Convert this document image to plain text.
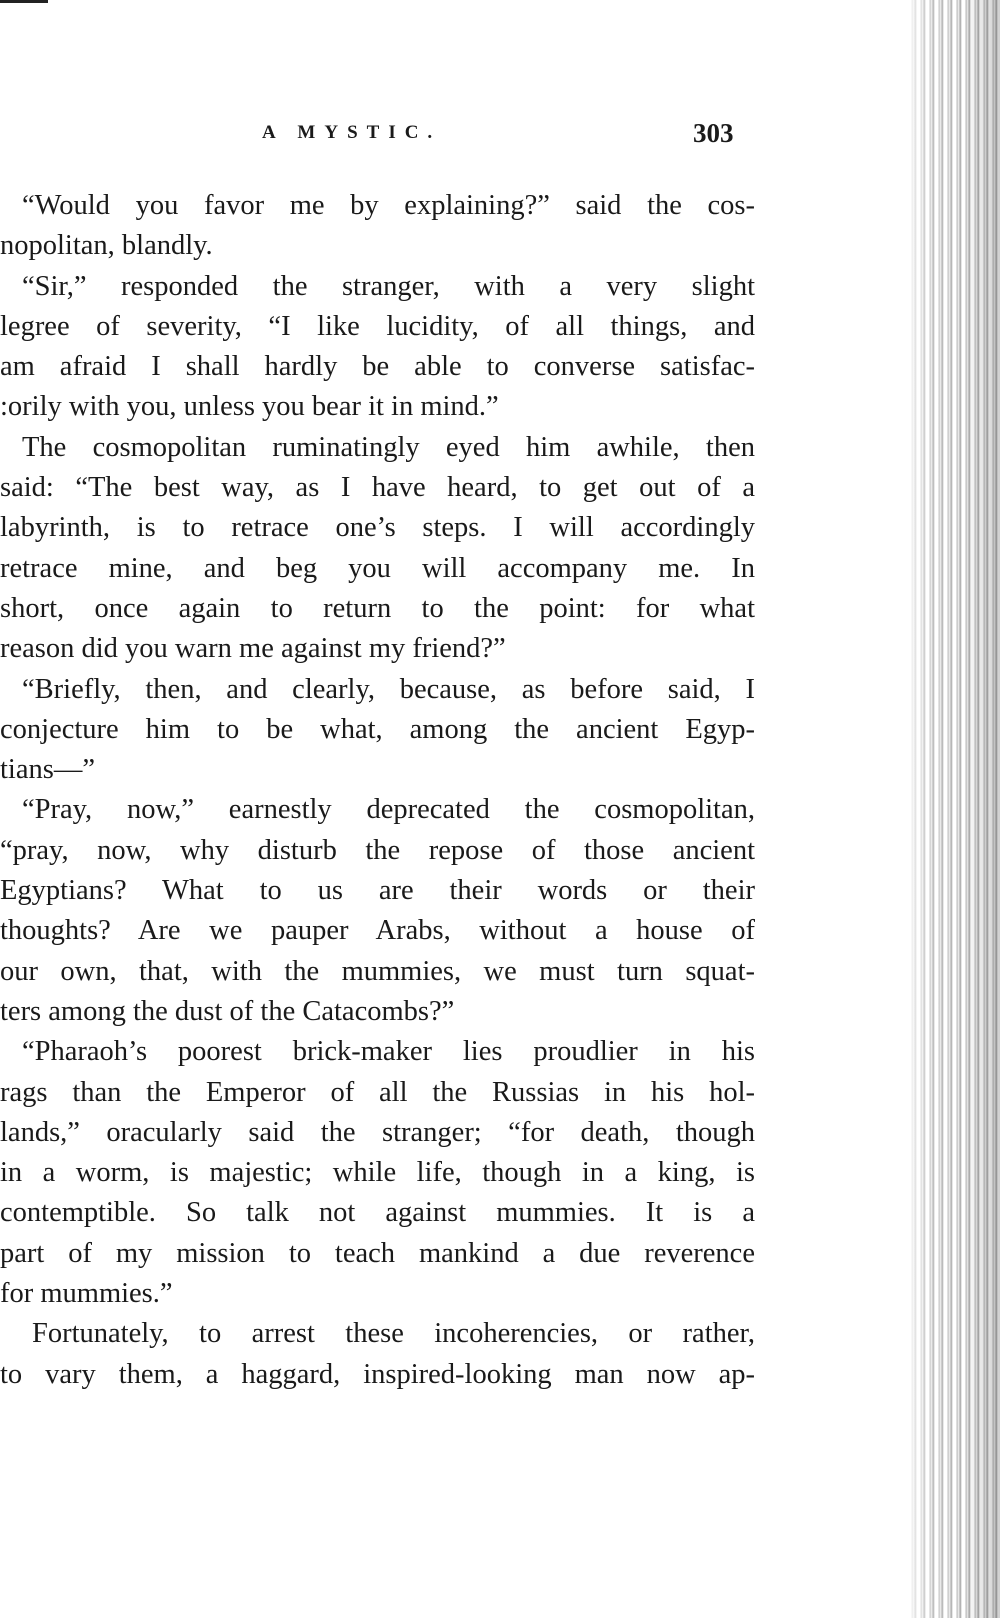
A MYSTIC.	303
“Would you favor me by explaining?” said the cos-
nopolitan, blandly.
“Sir,” responded the stranger, with a very slight
legree of severity, “I like lucidity, of all things, and
am afraid I shall hardly be able to converse satisfac-
:orily with you, unless you bear it in mind.”
The cosmopolitan ruminatingly eyed him awhile, then
said: “The best way, as I have heard, to get out of a
labyrinth, is to retrace one’s steps. I will accordingly
retrace mine, and beg you will accompany me. In
short, once again to return to the point: for what
reason did you warn me against my friend?”
“Briefly, then, and clearly, because, as before said, I
conjecture him to be what, among the ancient Egyp-
tians—”
“Pray, now,” earnestly deprecated the cosmopolitan,
“pray, now, why disturb the repose of those ancient
Egyptians? What to us are their words or their
thoughts? Are we pauper Arabs, without a house of
our own, that, with the mummies, we must turn squat-
ters among the dust of the Catacombs?”
“Pharaoh’s poorest brick-maker lies proudlier in his
rags than the Emperor of all the Russias in his hol-
lands,” oracularly said the stranger; “for death, though
in a worm, is majestic; while life, though in a king, is
contemptible. So talk not against mummies. It is a
part of my mission to teach mankind a due reverence
for mummies.”
Fortunately, to arrest these incoherencies, or rather,
to vary them, a haggard, inspired-looking man now ap-
